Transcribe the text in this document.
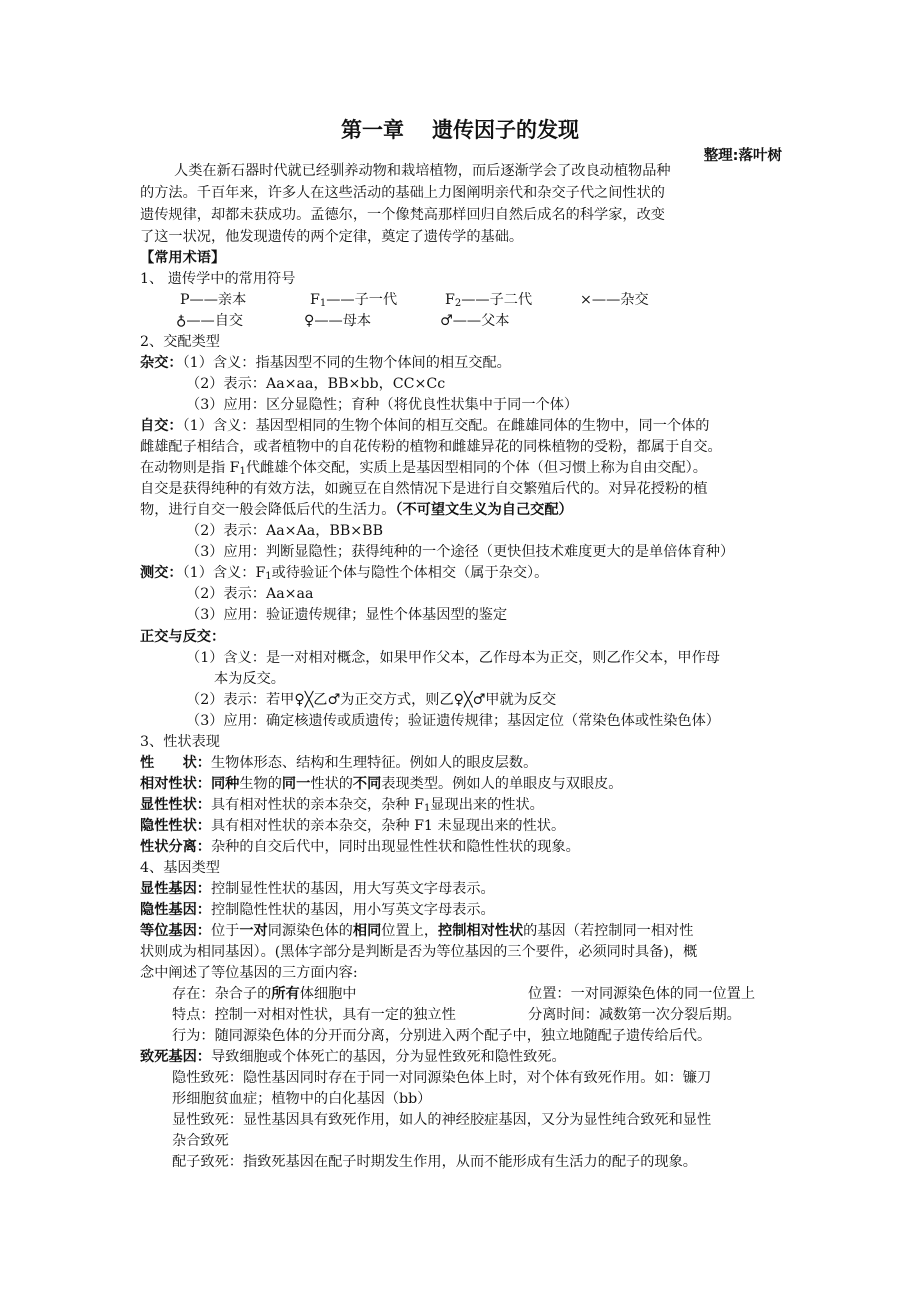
第一章 遗传因子的发现
整理:落叶树
人类在新石器时代就已经驯养动物和栽培植物，而后逐渐学会了改良动植物品种
的方法。千百年来，许多人在这些活动的基础上力图阐明亲代和杂交子代之间性状的
遗传规律，却都未获成功。孟德尔，一个像梵高那样回归自然后成名的科学家，改变
了这一状况，他发现遗传的两个定律，奠定了遗传学的基础。
【常用术语】
1、 遗传学中的常用符号
P——亲本	$F_1——$子一代	$F_2——$子二代	×——杂交
♁——自交	♀——母本	♂——父本
2、交配类型
杂交：（1）含义：指基因型不同的生物个体间的相互交配。
（2）表示：Aa×aa，BB×bb，CC×Cc
（3）应用：区分显隐性；育种（将优良性状集中于同一个体）
自交：（1）含义：基因型相同的生物个体间的相互交配。在雌雄同体的生物中，同一个体的
雌雄配子相结合，或者植物中的自花传粉的植物和雌雄异花的同株植物的受粉，都属于自交。
在动物则是指 $F_1$代雌雄个体交配，实质上是基因型相同的个体（但习惯上称为自由交配）。
自交是获得纯种的有效方法，如豌豆在自然情况下是进行自交繁殖后代的。对异花授粉的植
物，进行自交一般会降低后代的生活力。（不可望文生义为自己交配）
（2）表示：Aa×Aa，BB×BB
（3）应用：判断显隐性；获得纯种的一个途径（更快但技术难度更大的是单倍体育种）
测交：（1）含义：$F_1$或待验证个体与隐性个体相交（属于杂交）。
（2）表示：Aa×aa
（3）应用：验证遗传规律；显性个体基因型的鉴定
正交与反交：
（1）含义：是一对相对概念，如果甲作父本，乙作母本为正交，则乙作父本，甲作母
本为反交。
（2）表示：若甲♀╳乙♂为正交方式，则乙♀╳♂甲就为反交
（3）应用：确定核遗传或质遗传；验证遗传规律；基因定位（常染色体或性染色体）
3、性状表现
性　　状：生物体形态、结构和生理特征。例如人的眼皮层数。
相对性状：同种生物的同一性状的不同表现类型。例如人的单眼皮与双眼皮。
显性性状：具有相对性状的亲本杂交，杂种 $F_1$显现出来的性状。
隐性性状：具有相对性状的亲本杂交，杂种 F1 未显现出来的性状。
性状分离：杂种的自交后代中，同时出现显性性状和隐性性状的现象。
4、基因类型
显性基因：控制显性性状的基因，用大写英文字母表示。
隐性基因：控制隐性性状的基因，用小写英文字母表示。
等位基因：位于一对同源染色体的相同位置上，控制相对性状的基因（若控制同一相对性
状则成为相同基因）。(黑体字部分是判断是否为等位基因的三个要件，必须同时具备)，概
念中阐述了等位基因的三方面内容:
存在：杂合子的所有体细胞中	位置：一对同源染色体的同一位置上
特点：控制一对相对性状，具有一定的独立性	分离时间：减数第一次分裂后期。
行为：随同源染色体的分开而分离，分别进入两个配子中，独立地随配子遗传给后代。
致死基因：导致细胞或个体死亡的基因，分为显性致死和隐性致死。
隐性致死：隐性基因同时存在于同一对同源染色体上时，对个体有致死作用。如：镰刀
形细胞贫血症；植物中的白化基因（bb）
显性致死：显性基因具有致死作用，如人的神经胶症基因，又分为显性纯合致死和显性
杂合致死
配子致死：指致死基因在配子时期发生作用，从而不能形成有生活力的配子的现象。
